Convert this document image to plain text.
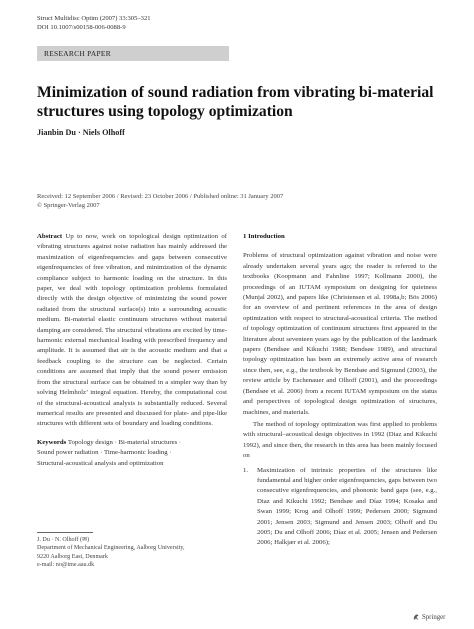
Struct Multidisc Optim (2007) 33:305–321
DOI 10.1007/s00158-006-0088-9
RESEARCH PAPER
Minimization of sound radiation from vibrating bi-material structures using topology optimization
Jianbin Du · Niels Olhoff
Received: 12 September 2006 / Revised: 23 October 2006 / Published online: 31 January 2007
© Springer-Verlag 2007
Abstract Up to now, work on topological design optimization of vibrating structures against noise radiation has mainly addressed the maximization of eigenfrequencies and gaps between consecutive eigenfrequencies of free vibration, and minimization of the dynamic compliance subject to harmonic loading on the structure. In this paper, we deal with topology optimization problems formulated directly with the design objective of minimizing the sound power radiated from the structural surface(s) into a surrounding acoustic medium. Bi-material elastic continuum structures without material damping are considered. The structural vibrations are excited by time-harmonic external mechanical loading with prescribed frequency and amplitude. It is assumed that air is the acoustic medium and that a feedback coupling to the structure can be neglected. Certain conditions are assumed that imply that the sound power emission from the structural surface can be obtained in a simpler way than by solving Helmholz’ integral equation. Hereby, the computational cost of the structural-acoustical analysis is substantially reduced. Several numerical results are presented and discussed for plate- and pipe-like structures with different sets of boundary and loading conditions.
Keywords Topology design · Bi-material structures ·
Sound power radiation · Time-harmonic loading ·
Structural-acoustical analysis and optimization
J. Du · N. Olhoff (✉)
Department of Mechanical Engineering, Aalborg University,
9220 Aalborg East, Denmark
e-mail: no@ime.aau.dk
1 Introduction
Problems of structural optimization against vibration and noise were already undertaken several years ago; the reader is referred to the textbooks (Koopmann and Fahnline 1997; Kollmann 2000), the proceedings of an IUTAM symposium on designing for quietness (Munjal 2002), and papers like (Christensen et al. 1998a,b; Bös 2006) for an overview of and pertinent references in the area of design optimization with respect to structural-acoustical criteria. The method of topology optimization of continuum structures first appeared in the literature about seventeen years ago by the publication of the landmark papers (Bendsøe and Kikuchi 1988; Bendsøe 1989), and structural topology optimization has been an extremely active area of research since then, see, e.g., the textbook by Bendsøe and Sigmund (2003), the review article by Eschenauer and Olhoff (2001), and the proceedings (Bendsøe et al. 2006) from a recent IUTAM symposium on the status and perspectives of topological design optimization of structures, machines, and materials.
The method of topology optimization was first applied to problems with structural–acoustical design objectives in 1992 (Diaz and Kikuchi 1992), and since then, the research in this area has been mainly focused on
1.	Maximization of intrinsic properties of the structures like fundamental and higher order eigenfrequencies, gaps between two consecutive eigenfrequencies, and phononic band gaps (see, e.g., Diaz and Kikuchi 1992; Bendsøe and Díaz 1994; Kosaka and Swan 1999; Krog and Olhoff 1999; Pedersen 2000; Sigmund 2001; Jensen 2003; Sigmund and Jensen 2003; Olhoff and Du 2005; Du and Olhoff 2006; Díaz et al. 2005; Jensen and Pedersen 2006; Halkjær et al. 2006);
Springer
